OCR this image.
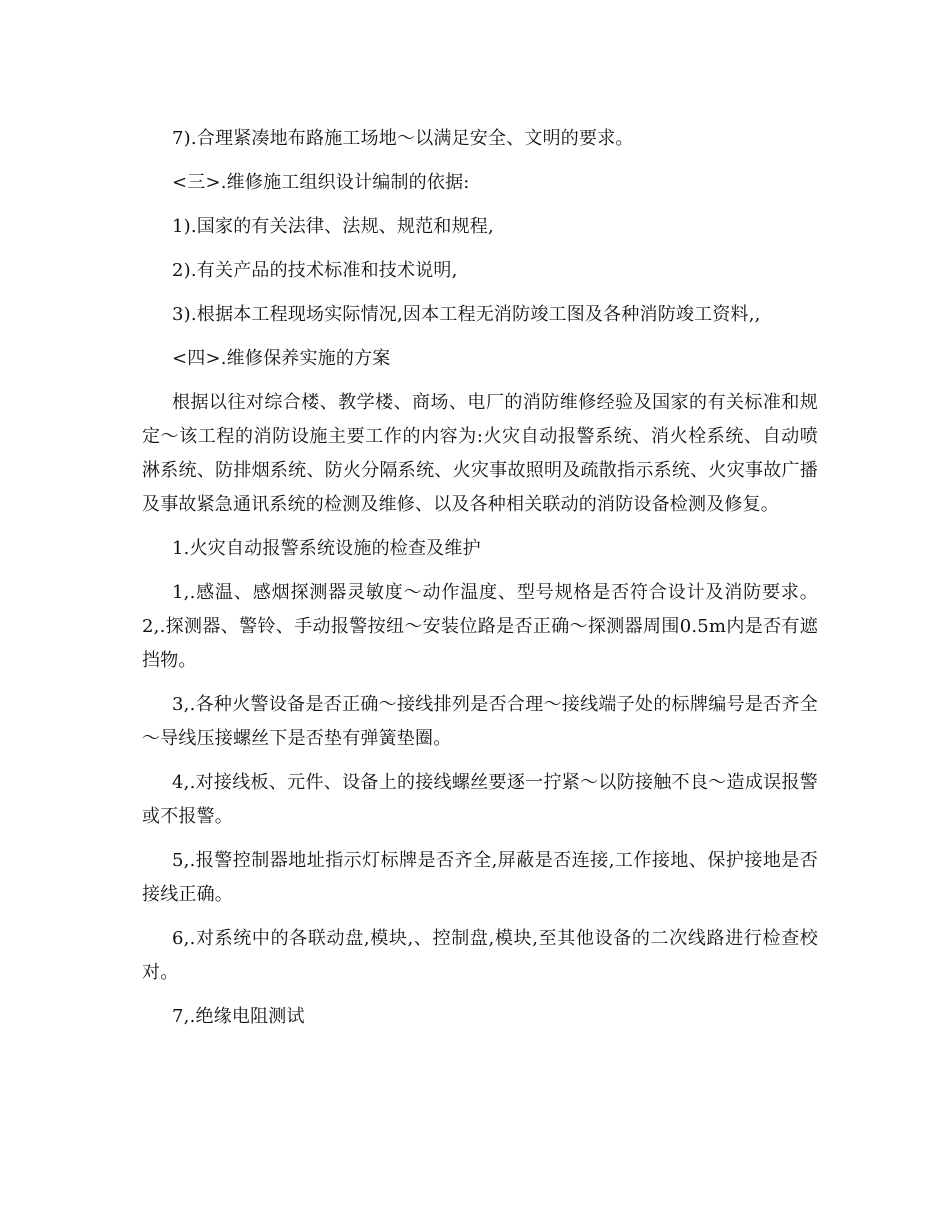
7).合理紧凑地布路施工场地～以满足安全、文明的要求。

<三>.维修施工组织设计编制的依据:

1).国家的有关法律、法规、规范和规程,

2).有关产品的技术标准和技术说明,

3).根据本工程现场实际情况,因本工程无消防竣工图及各种消防竣工资料,,

<四>.维修保养实施的方案

根据以往对综合楼、教学楼、商场、电厂的消防维修经验及国家的有关标准和规定～该工程的消防设施主要工作的内容为:火灾自动报警系统、消火栓系统、自动喷淋系统、防排烟系统、防火分隔系统、火灾事故照明及疏散指示系统、火灾事故广播及事故紧急通讯系统的检测及维修、以及各种相关联动的消防设备检测及修复。

1.火灾自动报警系统设施的检查及维护

1,.感温、感烟探测器灵敏度～动作温度、型号规格是否符合设计及消防要求。 2,.探测器、警铃、手动报警按纽～安装位路是否正确～探测器周围0.5m内是否有遮挡物。

3,.各种火警设备是否正确～接线排列是否合理～接线端子处的标牌编号是否齐全～导线压接螺丝下是否垫有弹簧垫圈。

4,.对接线板、元件、设备上的接线螺丝要逐一拧紧～以防接触不良～造成误报警或不报警。

5,.报警控制器地址指示灯标牌是否齐全,屏蔽是否连接,工作接地、保护接地是否接线正确。

6,.对系统中的各联动盘,模块,、控制盘,模块,至其他设备的二次线路进行检查校对。

7,.绝缘电阻测试
